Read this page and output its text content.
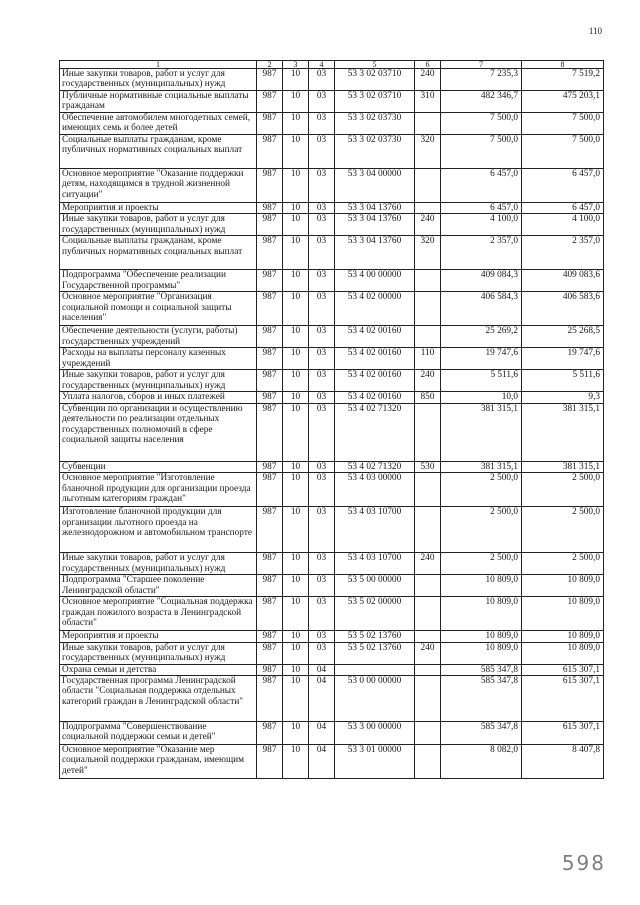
110
1	2	3	4	5	6	7	8
Иные закупки товаров, работ и услуг для государственных (муниципальных) нужд	987	10	03	53 3 02 03710	240	7 235,3	7 519,2
Публичные нормативные социальные выплаты гражданам	987	10	03	53 3 02 03710	310	482 346,7	475 203,1
Обеспечение автомобилем многодетных семей, имеющих семь и более детей	987	10	03	53 3 02 03730		7 500,0	7 500,0
Социальные выплаты гражданам, кроме публичных нормативных социальных выплат	987	10	03	53 3 02 03730	320	7 500,0	7 500,0
Основное мероприятие "Оказание поддержки детям, находящимся в трудной жизненной ситуации"	987	10	03	53 3 04 00000		6 457,0	6 457,0
Мероприятия и проекты	987	10	03	53 3 04 13760		6 457,0	6 457,0
Иные закупки товаров, работ и услуг для государственных (муниципальных) нужд	987	10	03	53 3 04 13760	240	4 100,0	4 100,0
Социальные выплаты гражданам, кроме публичных нормативных социальных выплат	987	10	03	53 3 04 13760	320	2 357,0	2 357,0
Подпрограмма "Обеспечение реализации Государственной программы"	987	10	03	53 4 00 00000		409 084,3	409 083,6
Основное мероприятие "Организация социальной помощи и социальной защиты населения"	987	10	03	53 4 02 00000		406 584,3	406 583,6
Обеспечение деятельности (услуги, работы) государственных учреждений	987	10	03	53 4 02 00160		25 269,2	25 268,5
Расходы на выплаты персоналу казенных учреждений	987	10	03	53 4 02 00160	110	19 747,6	19 747,6
Иные закупки товаров, работ и услуг для государственных (муниципальных) нужд	987	10	03	53 4 02 00160	240	5 511,6	5 511,6
Уплата налогов, сборов и иных платежей	987	10	03	53 4 02 00160	850	10,0	9,3
Субвенции по организации и осуществлению деятельности по реализации отдельных государственных полномочий в сфере социальной защиты населения	987	10	03	53 4 02 71320		381 315,1	381 315,1
Субвенции	987	10	03	53 4 02 71320	530	381 315,1	381 315,1
Основное мероприятие "Изготовление бланочной продукции для организации проезда льготным категориям граждан"	987	10	03	53 4 03 00000		2 500,0	2 500,0
Изготовление бланочной продукции для организации льготного проезда на железнодорожном и автомобильном транспорте	987	10	03	53 4 03 10700		2 500,0	2 500,0
Иные закупки товаров, работ и услуг для государственных (муниципальных) нужд	987	10	03	53 4 03 10700	240	2 500,0	2 500,0
Подпрограмма "Старшее поколение Ленинградской области"	987	10	03	53 5 00 00000		10 809,0	10 809,0
Основное мероприятие "Социальная поддержка граждан пожилого возраста в Ленинградской области"	987	10	03	53 5 02 00000		10 809,0	10 809,0
Мероприятия и проекты	987	10	03	53 5 02 13760		10 809,0	10 809,0
Иные закупки товаров, работ и услуг для государственных (муниципальных) нужд	987	10	03	53 5 02 13760	240	10 809,0	10 809,0
Охрана семьи и детства	987	10	04			585 347,8	615 307,1
Государственная программа Ленинградской области "Социальная поддержка отдельных категорий граждан в Ленинградской области"	987	10	04	53 0 00 00000		585 347,8	615 307,1
Подпрограмма "Совершенствование социальной поддержки семьи и детей"	987	10	04	53 3 00 00000		585 347,8	615 307,1
Основное мероприятие "Оказание мер социальной поддержки гражданам, имеющим детей"	987	10	04	53 3 01 00000		8 082,0	8 407,8
598
